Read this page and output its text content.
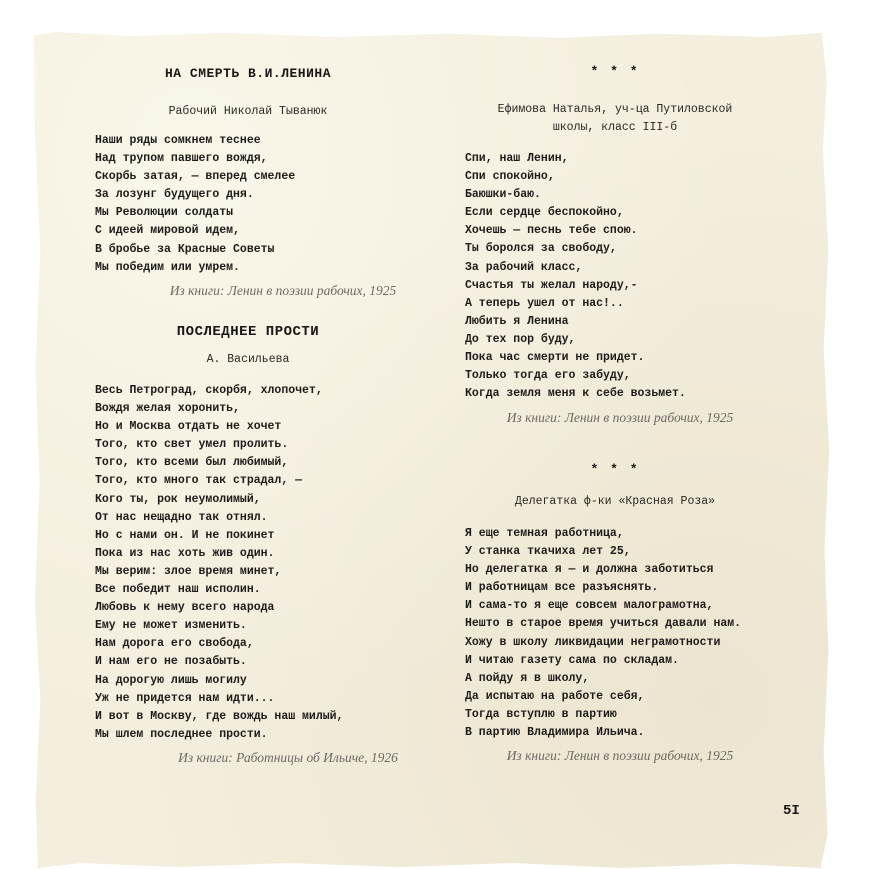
НА СМЕРТЬ В.И.ЛЕНИНА
Рабочий Николай Тыванюк
Наши ряды сомкнем теснее
Над трупом павшего вождя,
Скорбь затая, — вперед смелее
За лозунг будущего дня.
Мы Революции солдаты
С идеей мировой идем,
В бробье за Красные Советы
Мы победим или умрем.
Из книги: Ленин в поэзии рабочих, 1925
ПОСЛЕДНЕЕ ПРОСТИ
А. Васильева
Весь Петроград, скорбя, хлопочет,
Вождя желая хоронить,
Но и Москва отдать не хочет
Того, кто свет умел пролить.
Того, кто всеми был любимый,
Того, кто много так страдал, —
Кого ты, рок неумолимый,
От нас нещадно так отнял.
Но с нами он. И не покинет
Пока из нас хоть жив один.
Мы верим: злое время минет,
Все победит наш исполин.
Любовь к нему всего народа
Ему не может изменить.
Нам дорога его свобода,
И нам его не позабыть.
На дорогую лишь могилу
Уж не придется нам идти...
И вот в Москву, где вождь наш милый,
Мы шлем последнее прости.
Из книги: Работницы об Ильиче, 1926
* * *
Ефимова Наталья, уч-ца Путиловской
школы, класс III-б
Спи, наш Ленин,
Спи спокойно,
Баюшки-баю.
Если сердце беспокойно,
Хочешь — песнь тебе спою.
Ты боролся за свободу,
За рабочий класс,
Счастья ты желал народу,-
А теперь ушел от нас!..
Любить я Ленина
До тех пор буду,
Пока час смерти не придет.
Только тогда его забуду,
Когда земля меня к себе возьмет.
Из книги: Ленин в поэзии рабочих, 1925
* * *
Делегатка ф-ки «Красная Роза»
Я еще темная работница,
У станка ткачиха лет 25,
Но делегатка я — и должна заботиться
И работницам все разъяснять.
И сама-то я еще совсем малограмотна,
Нешто в старое время учиться давали нам.
Хожу в школу ликвидации неграмотности
И читаю газету сама по складам.
А пойду я в школу,
Да испытаю на работе себя,
Тогда вступлю в партию
В партию Владимира Ильича.
Из книги: Ленин в поэзии рабочих, 1925
5I
